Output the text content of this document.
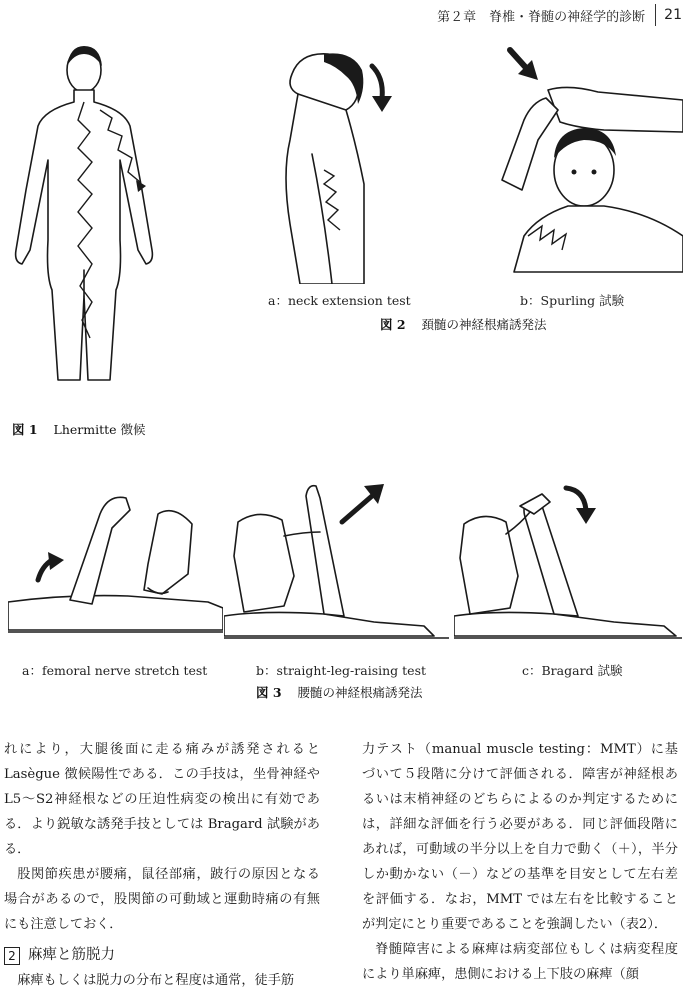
第２章　脊椎・脊髄の神経学的診断	21
図 1 Lhermitte 徴候
a：neck extension test	b：Spurling 試験
図 2 頚髄の神経根痛誘発法
a：femoral nerve stretch test	b：straight-leg-raising test	c：Bragard 試験
図 3 腰髄の神経根痛誘発法

れにより，大腿後面に走る痛みが誘発されると Lasègue 徴候陽性である．この手技は，坐骨神経や L5〜S2神経根などの圧迫性病変の検出に有効である．より鋭敏な誘発手技としては Bragard 試験がある．

股関節疾患が腰痛，鼠径部痛，跛行の原因となる場合があるので，股関節の可動域と運動時痛の有無にも注意しておく．

2 麻痺と筋脱力

麻痺もしくは脱力の分布と程度は通常，徒手筋

力テスト（manual muscle testing：MMT）に基づいて５段階に分けて評価される．障害が神経根あるいは末梢神経のどちらによるのか判定するためには，詳細な評価を行う必要がある．同じ評価段階にあれば，可動域の半分以上を自力で動く（＋），半分しか動かない（－）などの基準を目安として左右差を評価する．なお，MMT では左右を比較することが判定にとり重要であることを強調したい（表2）．

脊髄障害による麻痺は病変部位もしくは病変程度により単麻痺，患側における上下肢の麻痺（顔
